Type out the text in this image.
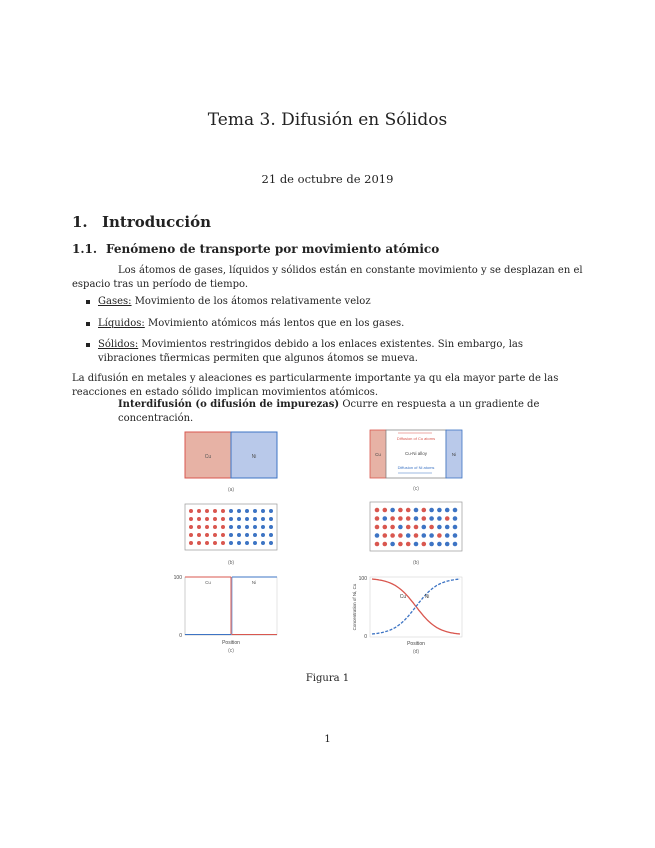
Tema 3. Difusión en Sólidos
21 de octubre de 2019
1. Introducción
1.1. Fenómeno de transporte por movimiento atómico
Los átomos de gases, líquidos y sólidos están en constante movimiento y se desplazan en el espacio tras un período de tiempo.
Gases: Movimiento de los átomos relativamente veloz
Líquidos: Movimiento atómicos más lentos que en los gases.
Sólidos: Movimientos restringidos debido a los enlaces existentes. Sin embargo, las vibraciones tñermicas permiten que algunos átomos se mueva.
La difusión en metales y aleaciones es particularmente importante ya qu ela mayor parte de las reacciones en estado sólido implican movimientos atómicos.
Interdifusión (o difusión de impurezas) Ocurre en respuesta a un gradiente de concentración.
Cu	Ni
(a)
Cu	Ni
Diffusion of Cu atoms
Cu-Ni alloy
Diffusion of Ni atoms
(c)
(b)	(b)
100
0
Cu	Ni
Position
(c)
100
0
Cu	Ni
Concentration of Ni, Cu
Position
(d)
Figura 1
1
